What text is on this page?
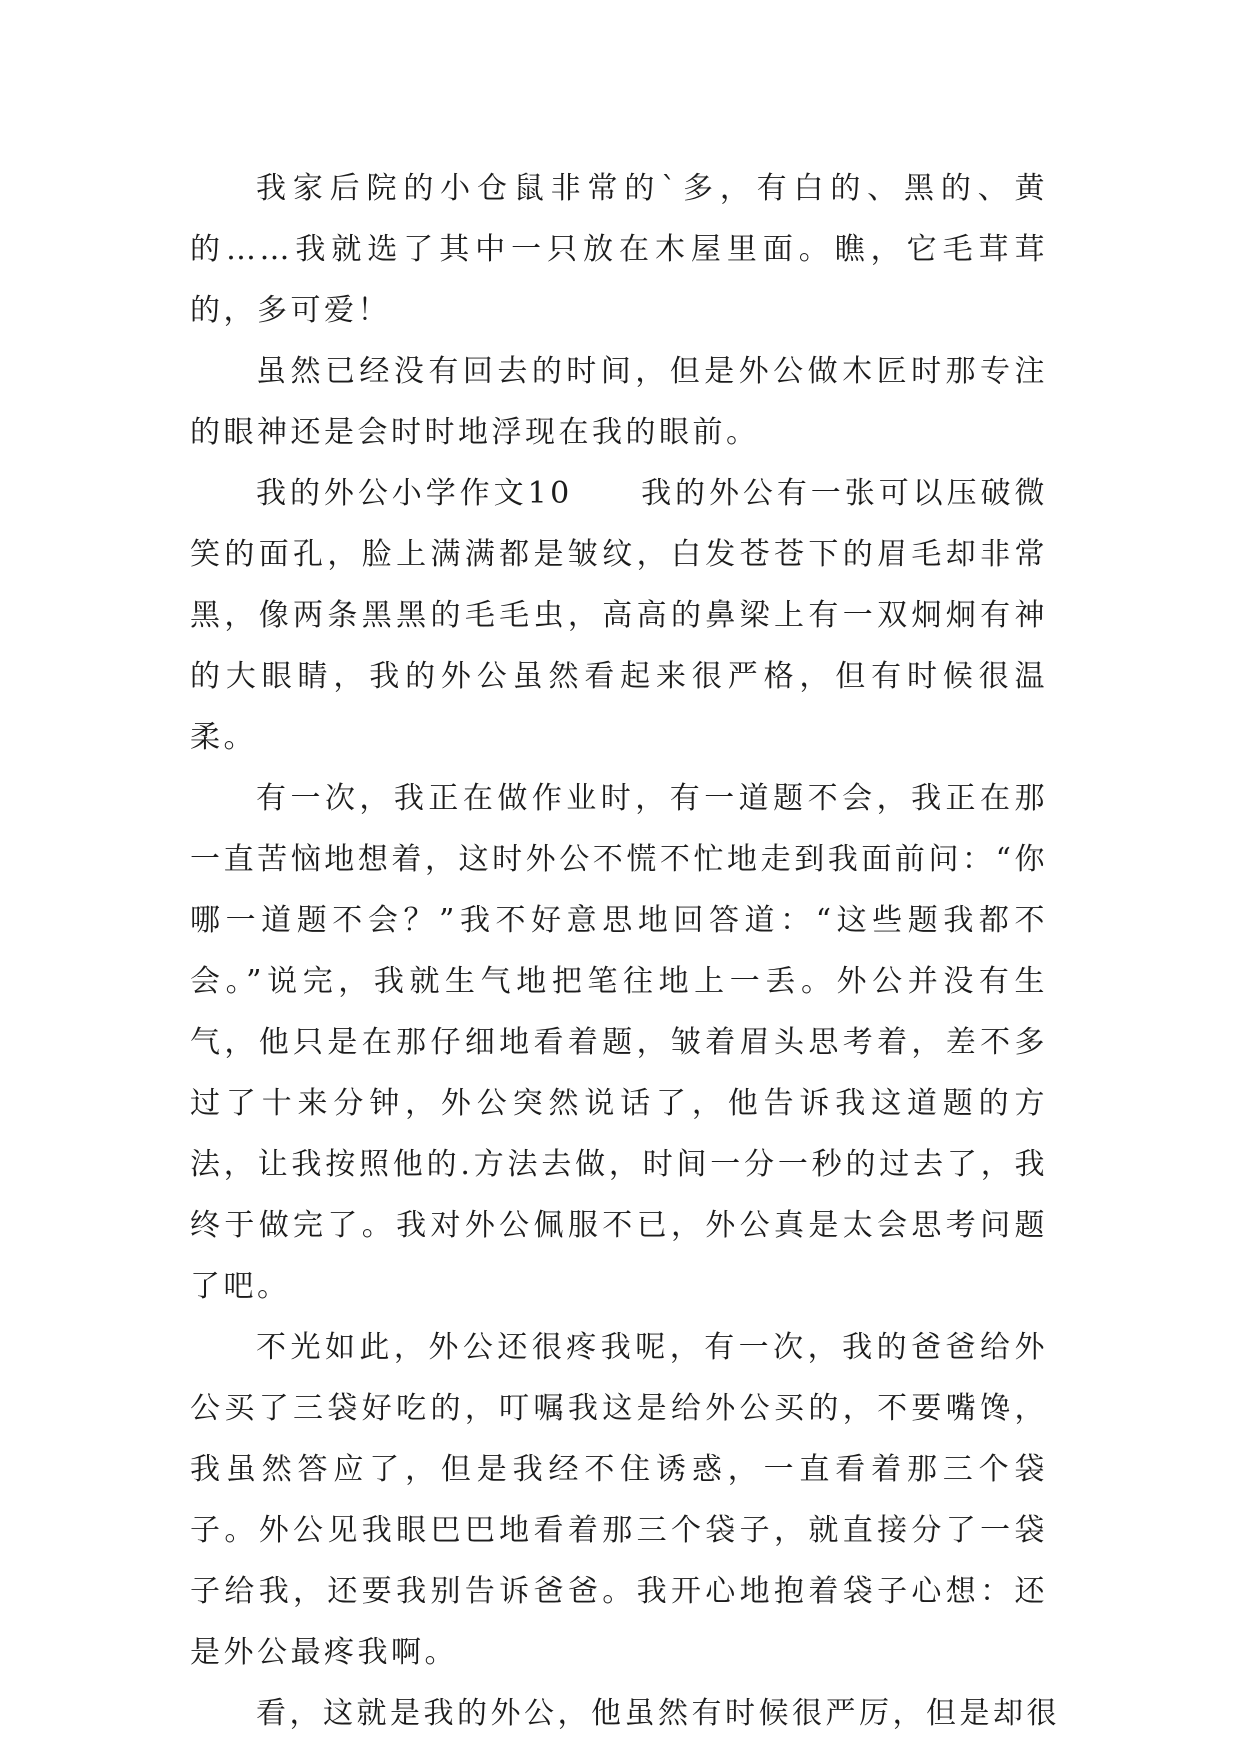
我家后院的小仓鼠非常的`多，有白的、黑的、黄的……我就选了其中一只放在木屋里面。瞧，它毛茸茸的，多可爱！

虽然已经没有回去的时间，但是外公做木匠时那专注的眼神还是会时时地浮现在我的眼前。

我的外公小学作文10　　我的外公有一张可以压破微笑的面孔，脸上满满都是皱纹，白发苍苍下的眉毛却非常黑，像两条黑黑的毛毛虫，高高的鼻梁上有一双炯炯有神的大眼睛，我的外公虽然看起来很严格，但有时候很温柔。

有一次，我正在做作业时，有一道题不会，我正在那一直苦恼地想着，这时外公不慌不忙地走到我面前问：“你哪一道题不会？”我不好意思地回答道：“这些题我都不会。”说完，我就生气地把笔往地上一丢。外公并没有生气，他只是在那仔细地看着题，皱着眉头思考着，差不多过了十来分钟，外公突然说话了，他告诉我这道题的方法，让我按照他的.方法去做，时间一分一秒的过去了，我终于做完了。我对外公佩服不已，外公真是太会思考问题了吧。

不光如此，外公还很疼我呢，有一次，我的爸爸给外公买了三袋好吃的，叮嘱我这是给外公买的，不要嘴馋，我虽然答应了，但是我经不住诱惑，一直看着那三个袋子。外公见我眼巴巴地看着那三个袋子，就直接分了一袋子给我，还要我别告诉爸爸。我开心地抱着袋子心想：还是外公最疼我啊。

看，这就是我的外公，他虽然有时候很严厉，但是却很
